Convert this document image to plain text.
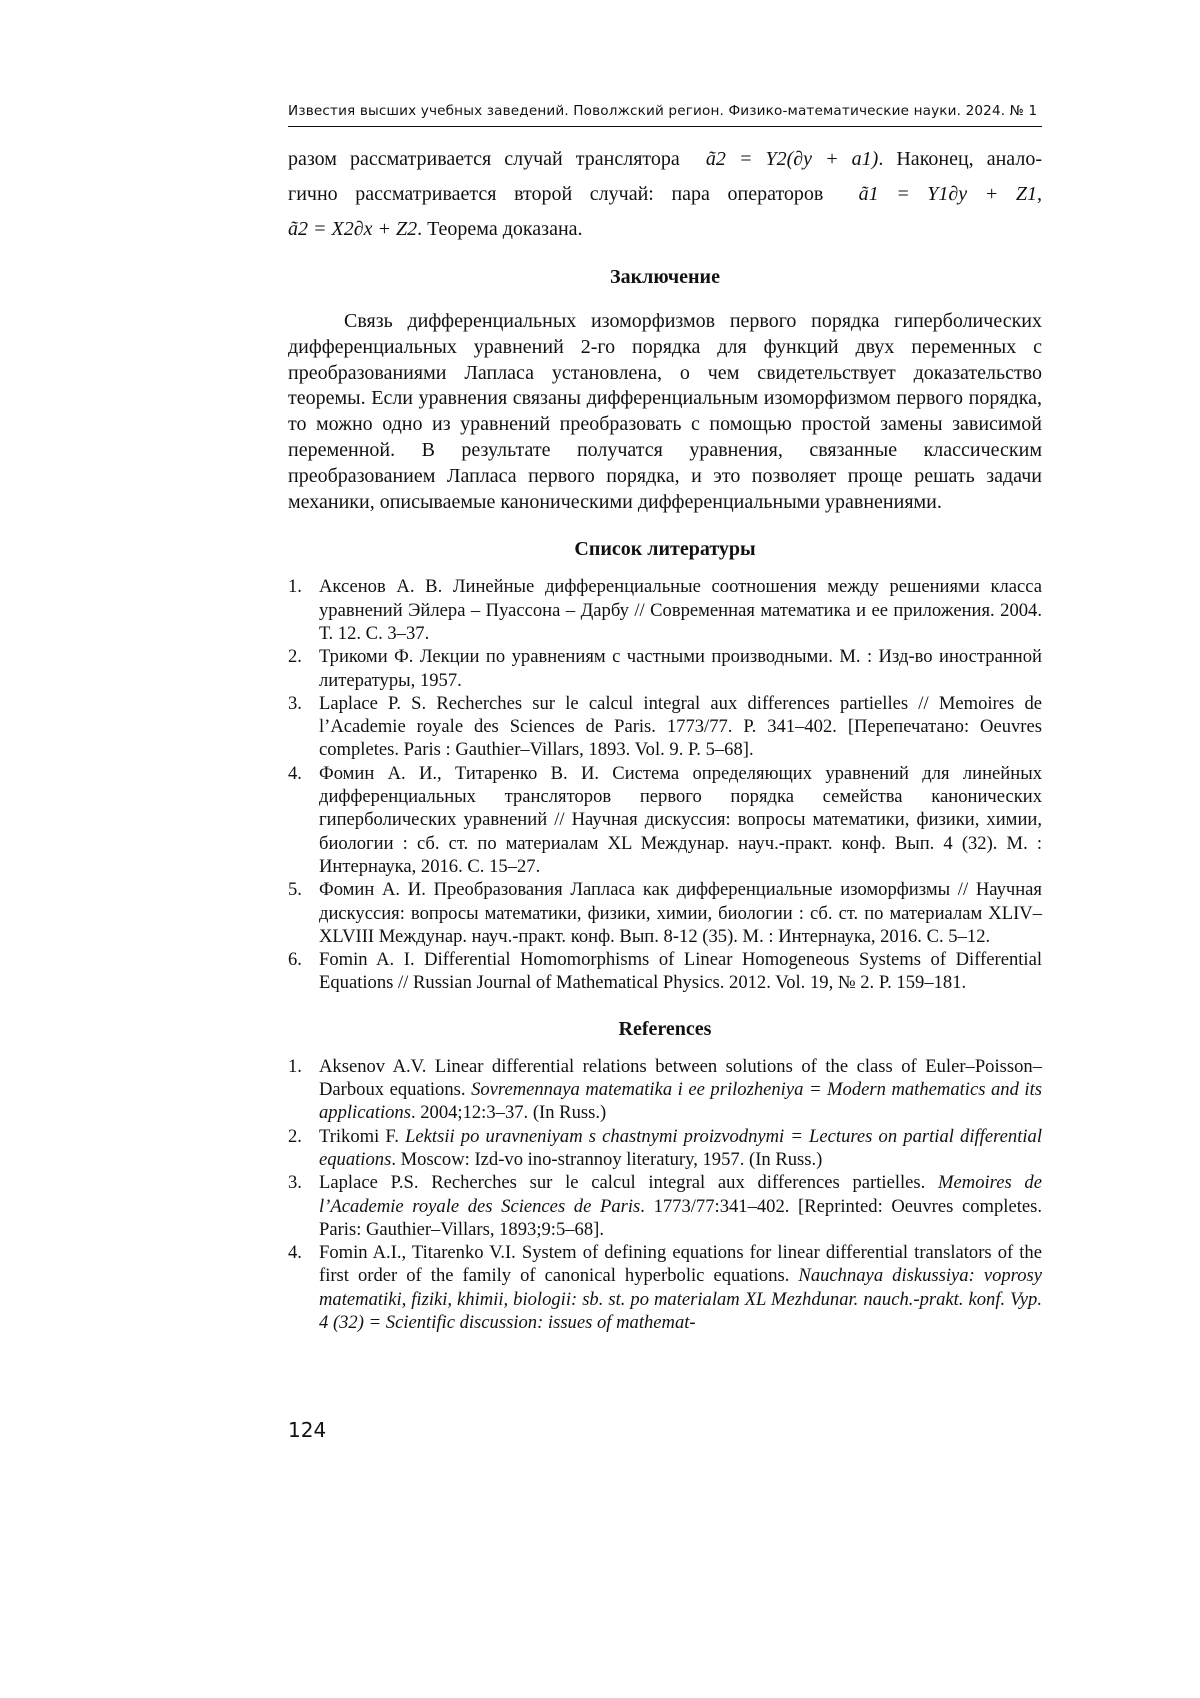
Известия высших учебных заведений. Поволжский регион. Физико-математические науки. 2024. № 1
разом рассматривается случай транслятора ã2 = Y2(∂y + a1). Наконец, анало-
гично рассматривается второй случай: пара операторов ã1 = Y1∂y + Z1,
ã2 = X2∂x + Z2. Теорема доказана.
Заключение

Связь дифференциальных изоморфизмов первого порядка гиперболических дифференциальных уравнений 2-го порядка для функций двух переменных с преобразованиями Лапласа установлена, о чем свидетельствует доказательство теоремы. Если уравнения связаны дифференциальным изоморфизмом первого порядка, то можно одно из уравнений преобразовать с помощью простой замены зависимой переменной. В результате получатся уравнения, связанные классическим преобразованием Лапласа первого порядка, и это позволяет проще решать задачи механики, описываемые каноническими дифференциальными уравнениями.

Список литературы
1. Аксенов А. В. Линейные дифференциальные соотношения между решениями класса уравнений Эйлера – Пуассона – Дарбу // Современная математика и ее приложения. 2004. Т. 12. С. 3–37.
2. Трикоми Ф. Лекции по уравнениям с частными производными. М. : Изд-во иностранной литературы, 1957.
3. Laplace P. S. Recherches sur le calcul integral aux differences partielles // Memoires de l’Academie royale des Sciences de Paris. 1773/77. P. 341–402. [Перепечатано: Oeuvres completes. Paris : Gauthier–Villars, 1893. Vol. 9. P. 5–68].
4. Фомин А. И., Титаренко В. И. Система определяющих уравнений для линейных дифференциальных трансляторов первого порядка семейства канонических гиперболических уравнений // Научная дискуссия: вопросы математики, физики, химии, биологии : сб. ст. по материалам XL Междунар. науч.-практ. конф. Вып. 4 (32). М. : Интернаука, 2016. С. 15–27.
5. Фомин А. И. Преобразования Лапласа как дифференциальные изоморфизмы // Научная дискуссия: вопросы математики, физики, химии, биологии : сб. ст. по материалам XLIV–XLVIII Междунар. науч.-практ. конф. Вып. 8-12 (35). М. : Интернаука, 2016. С. 5–12.
6. Fomin A. I. Differential Homomorphisms of Linear Homogeneous Systems of Differential Equations // Russian Journal of Mathematical Physics. 2012. Vol. 19, № 2. P. 159–181.
References
1. Aksenov A.V. Linear differential relations between solutions of the class of Euler–Poisson–Darboux equations. Sovremennaya matematika i ee prilozheniya = Modern mathematics and its applications. 2004;12:3–37. (In Russ.)
2. Trikomi F. Lektsii po uravneniyam s chastnymi proizvodnymi = Lectures on partial differential equations. Moscow: Izd-vo ino-strannoy literatury, 1957. (In Russ.)
3. Laplace P.S. Recherches sur le calcul integral aux differences partielles. Memoires de l’Academie royale des Sciences de Paris. 1773/77:341–402. [Reprinted: Oeuvres completes. Paris: Gauthier–Villars, 1893;9:5–68].
4. Fomin A.I., Titarenko V.I. System of defining equations for linear differential translators of the first order of the family of canonical hyperbolic equations. Nauchnaya diskussiya: voprosy matematiki, fiziki, khimii, biologii: sb. st. po materialam XL Mezhdunar. nauch.-prakt. konf. Vyp. 4 (32) = Scientific discussion: issues of mathemat-
124
